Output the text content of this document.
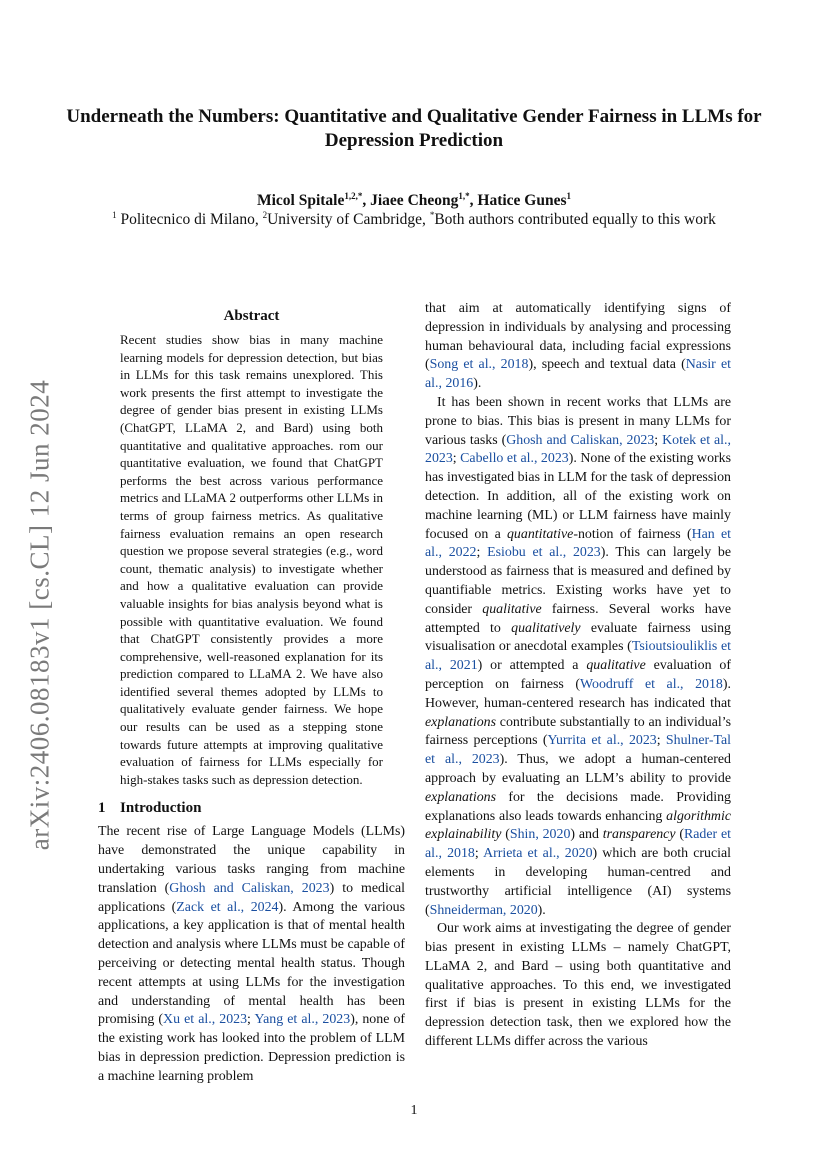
arXiv:2406.08183v1 [cs.CL] 12 Jun 2024
Underneath the Numbers: Quantitative and Qualitative Gender Fairness in LLMs for Depression Prediction

Micol Spitale$^{1,2,*}$, Jiaee Cheong$^{1,*}$, Hatice Gunes$^1$

$^1$ Politecnico di Milano, $^2$University of Cambridge, *Both authors contributed equally to this work

Abstract

Recent studies show bias in many machine learning models for depression detection, but bias in LLMs for this task remains unexplored. This work presents the first attempt to investigate the degree of gender bias present in existing LLMs (ChatGPT, LLaMA 2, and Bard) using both quantitative and qualitative approaches. rom our quantitative evaluation, we found that ChatGPT performs the best across various performance metrics and LLaMA 2 outperforms other LLMs in terms of group fairness metrics. As qualitative fairness evaluation remains an open research question we propose several strategies (e.g., word count, thematic analysis) to investigate whether and how a qualitative evaluation can provide valuable insights for bias analysis beyond what is possible with quantitative evaluation. We found that ChatGPT consistently provides a more comprehensive, well-reasoned explanation for its prediction compared to LLaMA 2. We have also identified several themes adopted by LLMs to qualitatively evaluate gender fairness. We hope our results can be used as a stepping stone towards future attempts at improving qualitative evaluation of fairness for LLMs especially for high-stakes tasks such as depression detection.

1 Introduction

The recent rise of Large Language Models (LLMs) have demonstrated the unique capability in undertaking various tasks ranging from machine translation (Ghosh and Caliskan, 2023) to medical applications (Zack et al., 2024). Among the various applications, a key application is that of mental health detection and analysis where LLMs must be capable of perceiving or detecting mental health status. Though recent attempts at using LLMs for the investigation and understanding of mental health has been promising (Xu et al., 2023; Yang et al., 2023), none of the existing work has looked into the problem of LLM bias in depression prediction. Depression prediction is a machine learning problem

that aim at automatically identifying signs of depression in individuals by analysing and processing human behavioural data, including facial expressions (Song et al., 2018), speech and textual data (Nasir et al., 2016).

It has been shown in recent works that LLMs are prone to bias. This bias is present in many LLMs for various tasks (Ghosh and Caliskan, 2023; Kotek et al., 2023; Cabello et al., 2023). None of the existing works has investigated bias in LLM for the task of depression detection. In addition, all of the existing work on machine learning (ML) or LLM fairness have mainly focused on a quantitative-notion of fairness (Han et al., 2022; Esiobu et al., 2023). This can largely be understood as fairness that is measured and defined by quantifiable metrics. Existing works have yet to consider qualitative fairness. Several works have attempted to qualitatively evaluate fairness using visualisation or anecdotal examples (Tsioutsiouliklis et al., 2021) or attempted a qualitative evaluation of perception on fairness (Woodruff et al., 2018). However, human-centered research has indicated that explanations contribute substantially to an individual’s fairness perceptions (Yurrita et al., 2023; Shulner-Tal et al., 2023). Thus, we adopt a human-centered approach by evaluating an LLM’s ability to provide explanations for the decisions made. Providing explanations also leads towards enhancing algorithmic explainability (Shin, 2020) and transparency (Rader et al., 2018; Arrieta et al., 2020) which are both crucial elements in developing human-centred and trustworthy artificial intelligence (AI) systems (Shneiderman, 2020).

Our work aims at investigating the degree of gender bias present in existing LLMs – namely ChatGPT, LLaMA 2, and Bard – using both quantitative and qualitative approaches. To this end, we investigated first if bias is present in existing LLMs for the depression detection task, then we explored how the different LLMs differ across the various

1
